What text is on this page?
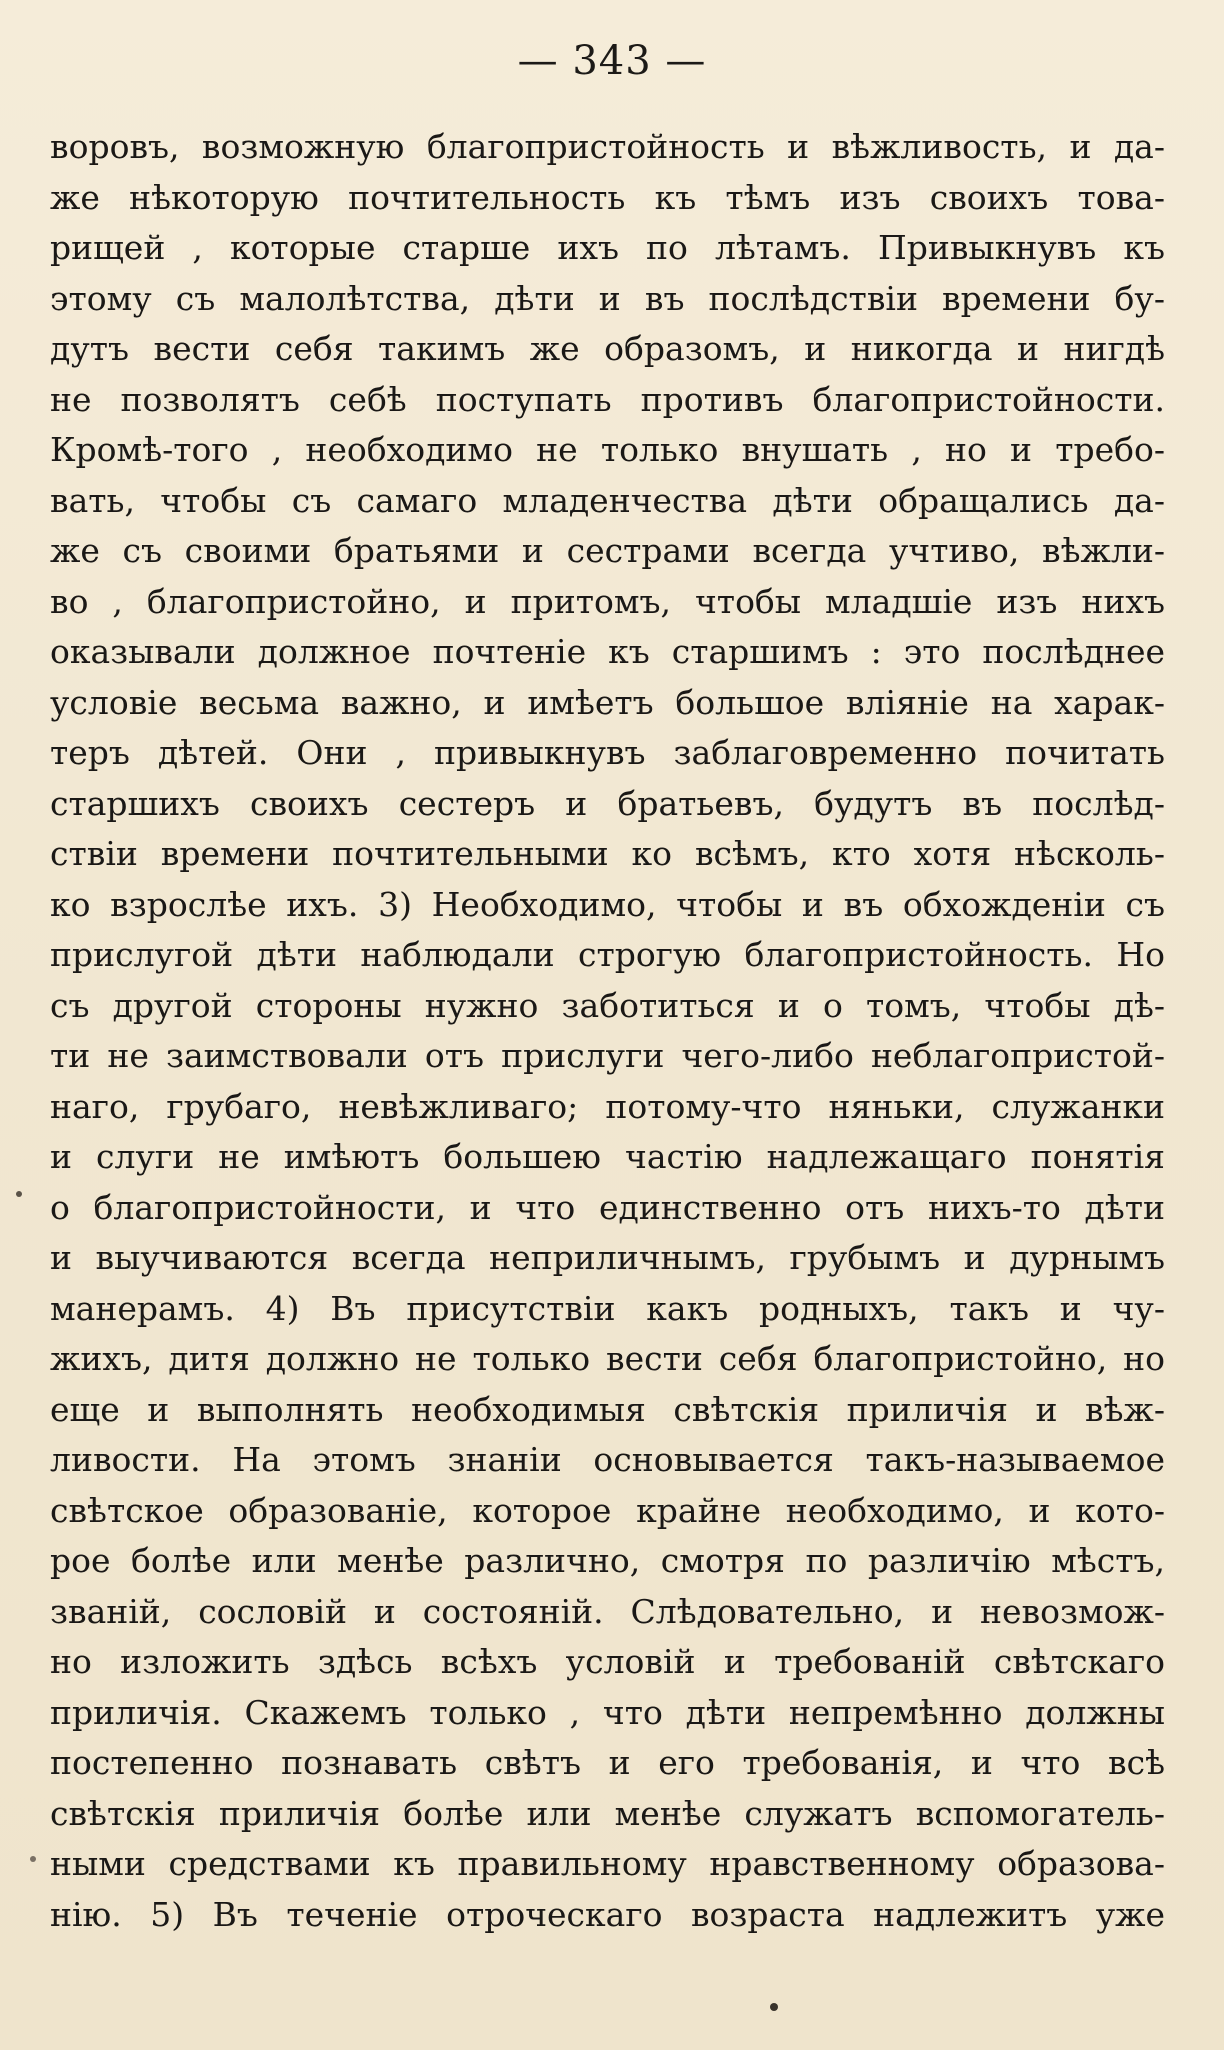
— 343 —
воровъ, возможную благопристойность и вѣжливость, и да-
же нѣкоторую почтительность къ тѣмъ изъ своихъ това-
рищей , которые старше ихъ по лѣтамъ. Привыкнувъ къ
этому съ малолѣтства, дѣти и въ послѣдствіи времени бу-
дутъ вести себя такимъ же образомъ, и никогда и нигдѣ
не позволятъ себѣ поступать противъ благопристойности.
Кромѣ-того , необходимо не только внушать , но и требо-
вать, чтобы съ самаго младенчества дѣти обращались да-
же съ своими братьями и сестрами всегда учтиво, вѣжли-
во , благопристойно, и притомъ, чтобы младшіе изъ нихъ
оказывали должное почтеніе къ старшимъ : это послѣднее
условіе весьма важно, и имѣетъ большое вліяніе на харак-
теръ дѣтей. Они , привыкнувъ заблаговременно почитать
старшихъ своихъ сестеръ и братьевъ, будутъ въ послѣд-
ствіи времени почтительными ко всѣмъ, кто хотя нѣсколь-
ко взрослѣе ихъ. 3) Необходимо, чтобы и въ обхожденіи съ
прислугой дѣти наблюдали строгую благопристойность. Но
съ другой стороны нужно заботиться и о томъ, чтобы дѣ-
ти не заимствовали отъ прислуги чего-либо неблагопристой-
наго, грубаго, невѣжливаго; потому-что няньки, служанки
и слуги не имѣютъ большею частію надлежащаго понятія
о благопристойности, и что единственно отъ нихъ-то дѣти
и выучиваются всегда неприличнымъ, грубымъ и дурнымъ
манерамъ. 4) Въ присутствіи какъ родныхъ, такъ и чу-
жихъ, дитя должно не только вести себя благопристойно, но
еще и выполнять необходимыя свѣтскія приличія и вѣж-
ливости. На этомъ знаніи основывается такъ-называемое
свѣтское образованіе, которое крайне необходимо, и кото-
рое болѣе или менѣе различно, смотря по различію мѣстъ,
званій, сословій и состояній. Слѣдовательно, и невозмож-
но изложить здѣсь всѣхъ условій и требованій свѣтскаго
приличія. Скажемъ только , что дѣти непремѣнно должны
постепенно познавать свѣтъ и его требованія, и что всѣ
свѣтскія приличія болѣе или менѣе служатъ вспомогатель-
ными средствами къ правильному нравственному образова-
нію. 5) Въ теченіе отроческаго возраста надлежитъ уже
